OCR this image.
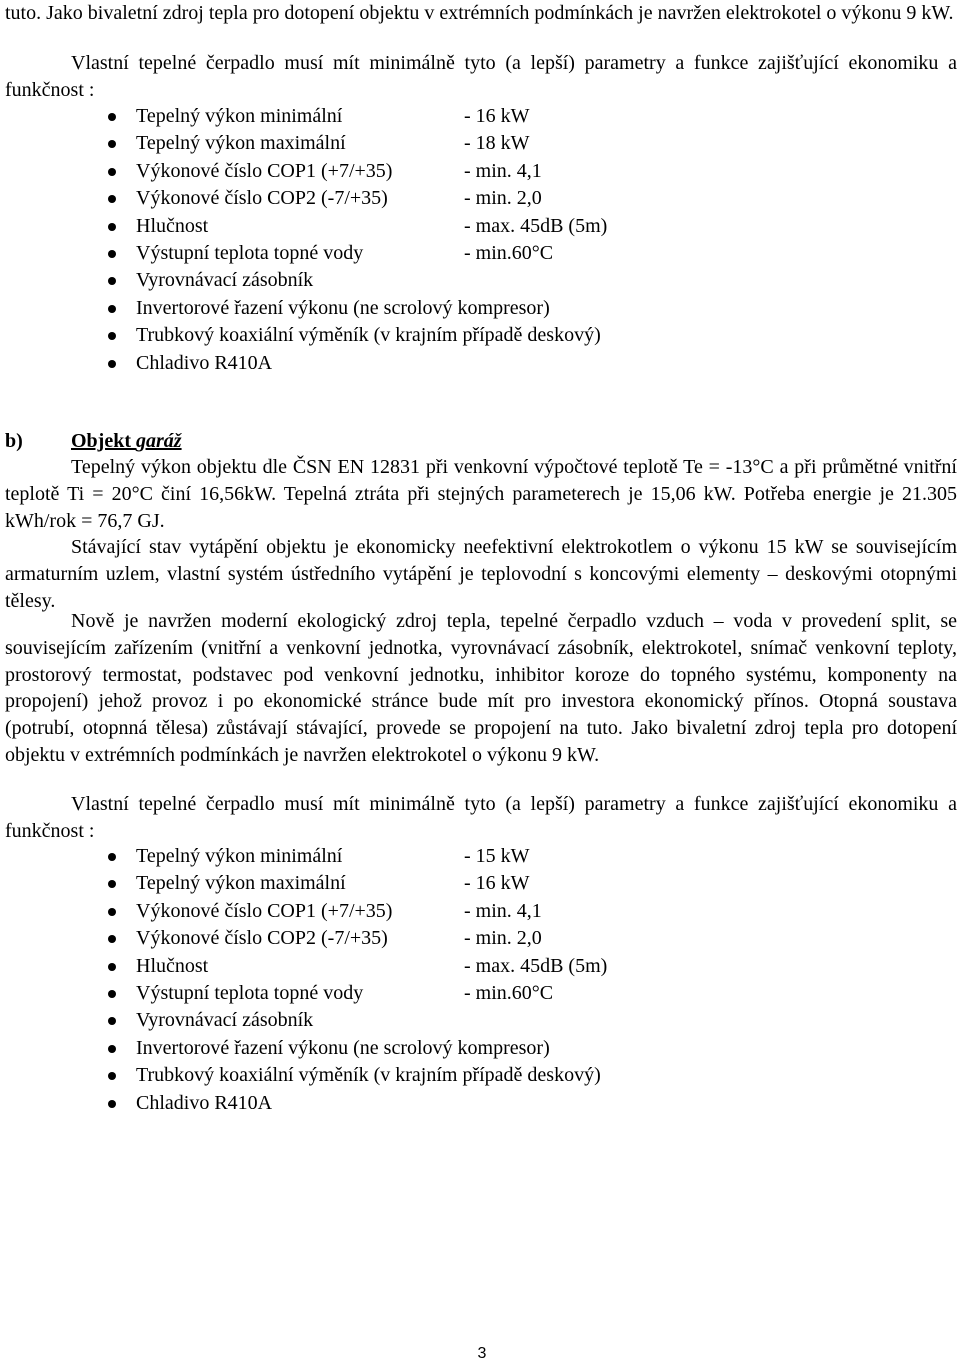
tuto. Jako bivaletní zdroj tepla pro dotopení objektu v extrémních podmínkách je navržen elektrokotel o výkonu 9 kW.

Vlastní tepelné čerpadlo musí mít minimálně tyto (a lepší) parametry a funkce zajišťující ekonomiku a funkčnost :

Tepelný výkon minimální	- 16 kW
Tepelný výkon maximální	- 18 kW
Výkonové číslo COP1 (+7/+35)	- min. 4,1
Výkonové číslo COP2 (-7/+35)	- min. 2,0
Hlučnost	- max. 45dB (5m)
Výstupní teplota topné vody	- min.60°C
Vyrovnávací zásobník
Invertorové řazení výkonu (ne scrolový kompresor)
Trubkový koaxiální výměník (v krajním případě deskový)
Chladivo R410A
b) Objekt garáž

Tepelný výkon objektu dle ČSN EN 12831 při venkovní výpočtové teplotě Te = -13°C a při průmětné vnitřní teplotě Ti = 20°C činí 16,56kW. Tepelná ztráta při stejných parameterech je 15,06 kW. Potřeba energie je 21.305 kWh/rok = 76,7 GJ.

Stávající stav vytápění objektu je ekonomicky neefektivní elektrokotlem o výkonu 15 kW se souvisejícím armaturním uzlem, vlastní systém ústředního vytápění je teplovodní s koncovými elementy – deskovými otopnými tělesy.

Nově je navržen moderní ekologický zdroj tepla, tepelné čerpadlo vzduch – voda v provedení split, se souvisejícím zařízením (vnitřní a venkovní jednotka, vyrovnávací zásobník, elektrokotel, snímač venkovní teploty, prostorový termostat, podstavec pod venkovní jednotku, inhibitor koroze do topného systému, komponenty na propojení) jehož provoz i po ekonomické stránce bude mít pro investora ekonomický přínos. Otopná soustava (potrubí, otopnná tělesa) zůstávají stávající, provede se propojení na tuto. Jako bivaletní zdroj tepla pro dotopení objektu v extrémních podmínkách je navržen elektrokotel o výkonu 9 kW.

Vlastní tepelné čerpadlo musí mít minimálně tyto (a lepší) parametry a funkce zajišťující ekonomiku a funkčnost :

Tepelný výkon minimální	- 15 kW
Tepelný výkon maximální	- 16 kW
Výkonové číslo COP1 (+7/+35)	- min. 4,1
Výkonové číslo COP2 (-7/+35)	- min. 2,0
Hlučnost	- max. 45dB (5m)
Výstupní teplota topné vody	- min.60°C
Vyrovnávací zásobník
Invertorové řazení výkonu (ne scrolový kompresor)
Trubkový koaxiální výměník (v krajním případě deskový)
Chladivo R410A
3
